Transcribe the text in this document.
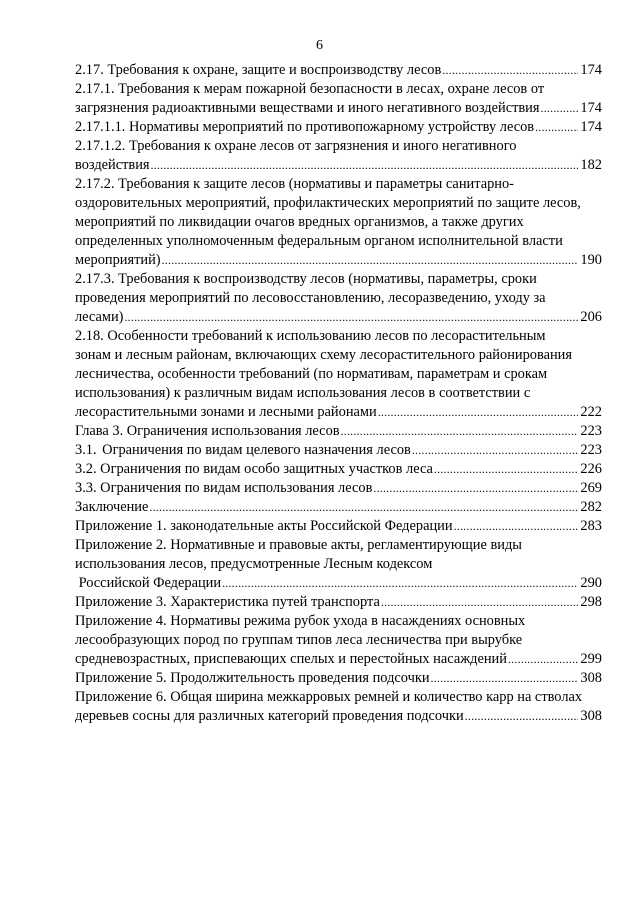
6
2.17. Требования к охране, защите и воспроизводству лесов .....	174
2.17.1. Требования к мерам пожарной безопасности в лесах, охране лесов от
загрязнения радиоактивными веществами и иного негативного воздействия .....	174
2.17.1.1. Нормативы мероприятий по противопожарному устройству лесов .....	174
2.17.1.2. Требования к охране лесов от загрязнения и иного негативного
воздействия .....	182
2.17.2. Требования к защите лесов (нормативы и параметры санитарно-
оздоровительных мероприятий, профилактических мероприятий по защите лесов,
мероприятий по ликвидации очагов вредных организмов, а также других
определенных уполномоченным федеральным органом исполнительной власти
мероприятий) .....	190
2.17.3. Требования к воспроизводству лесов (нормативы, параметры, сроки
проведения мероприятий по лесовосстановлению, лесоразведению, уходу за
лесами) .....	206
2.18. Особенности требований к использованию лесов по лесорастительным
зонам и лесным районам, включающих схему лесорастительного районирования
лесничества, особенности требований (по нормативам, параметрам и срокам
использования) к различным видам использования лесов в соответствии с
лесорастительными зонами и лесными районами .....	222
Глава 3. Ограничения использования лесов .....	223
3.1. Ограничения по видам целевого назначения лесов .....	223
3.2. Ограничения по видам особо защитных участков леса .....	226
3.3. Ограничения по видам использования лесов .....	269
Заключение .....	282
Приложение 1. законодательные акты Российской Федерации .....	283
Приложение 2. Нормативные и правовые акты, регламентирующие виды
использования лесов, предусмотренные Лесным кодексом
Российской Федерации .....	290
Приложение 3. Характеристика путей транспорта .....	298
Приложение 4. Нормативы режима рубок ухода в насаждениях основных
лесообразующих пород по группам типов леса лесничества при вырубке
средневозрастных, приспевающих спелых и перестойных насаждений .....	299
Приложение 5. Продолжительность проведения подсочки .....	308
Приложение 6. Общая ширина межкарровых ремней и количество карр на стволах
деревьев сосны для различных категорий проведения подсочки .....	308
